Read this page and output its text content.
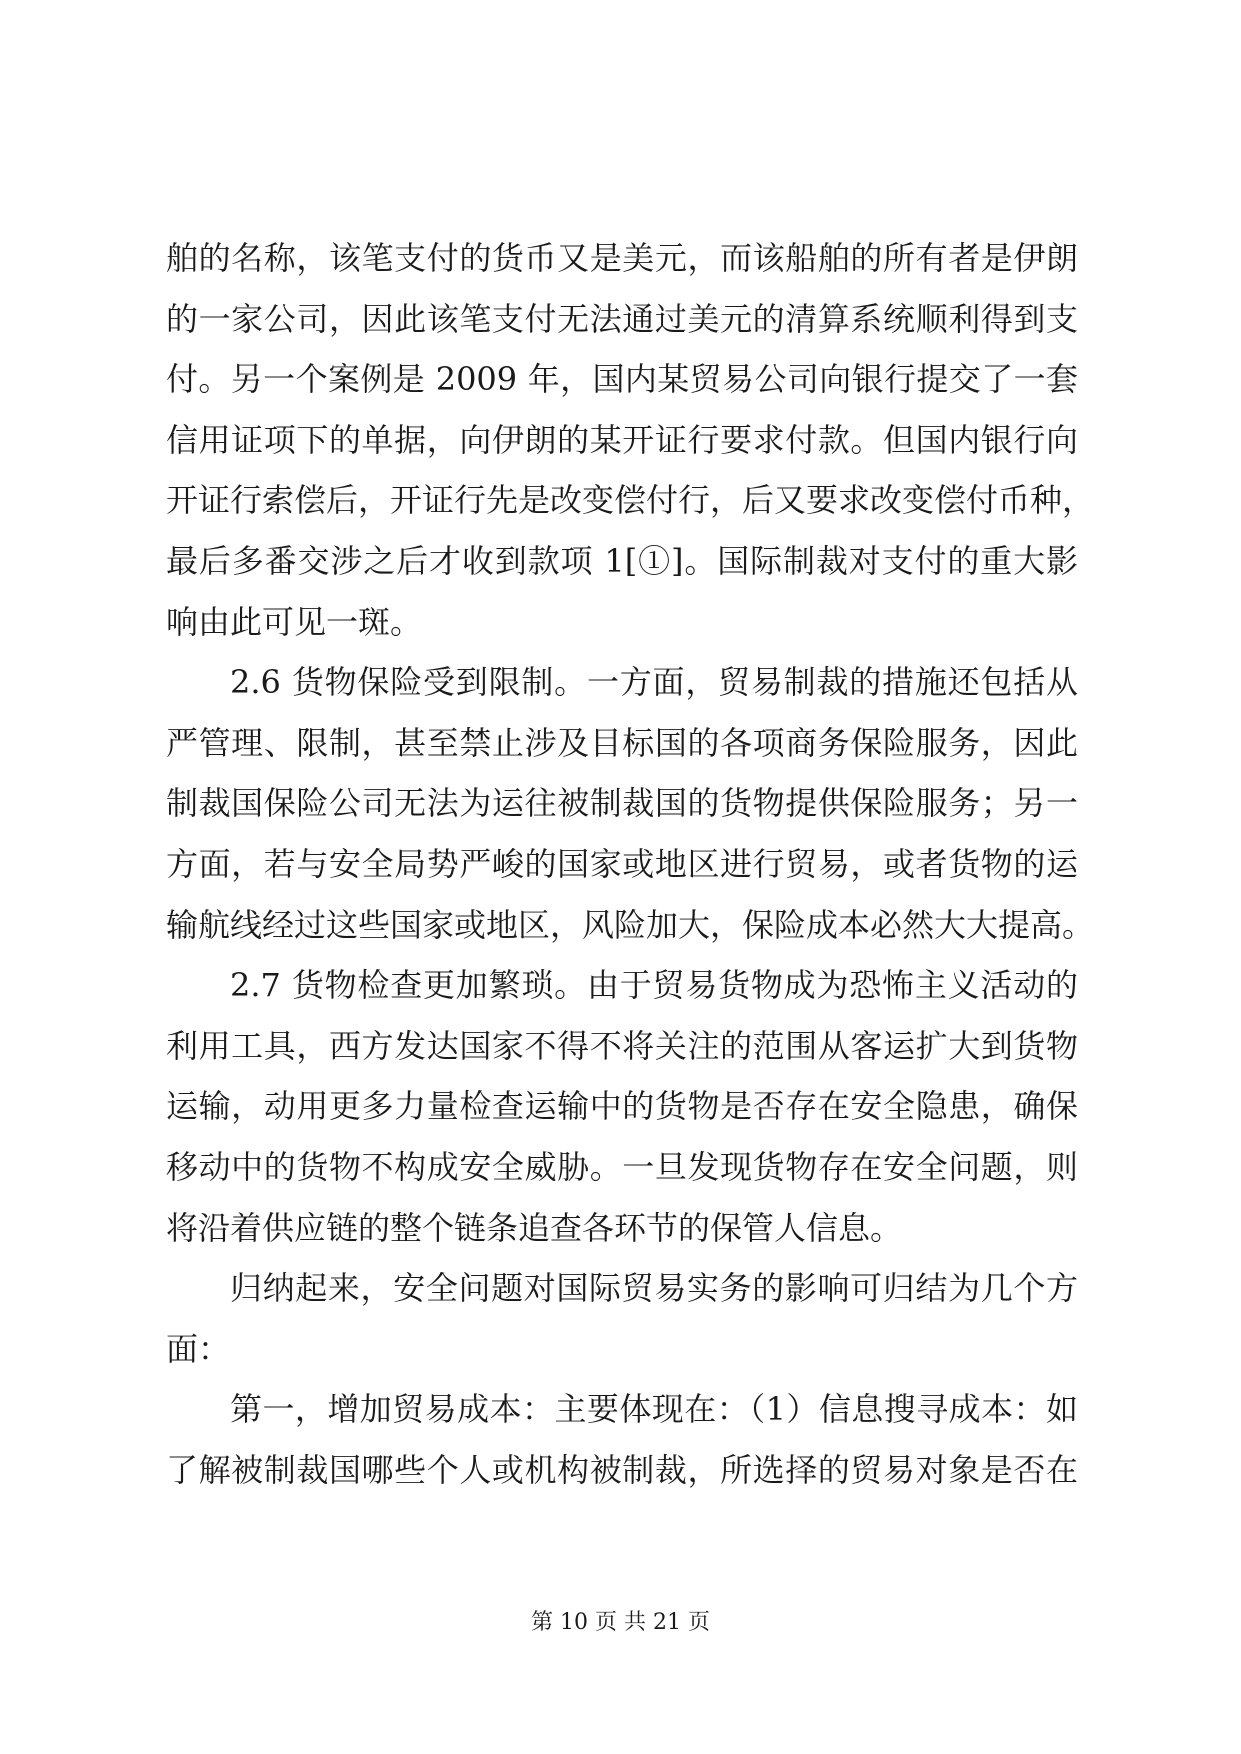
舶的名称，该笔支付的货币又是美元，而该船舶的所有者是伊朗
的一家公司，因此该笔支付无法通过美元的清算系统顺利得到支
付。另一个案例是 2009 年，国内某贸易公司向银行提交了一套
信用证项下的单据，向伊朗的某开证行要求付款。但国内银行向
开证行索偿后，开证行先是改变偿付行，后又要求改变偿付币种，
最后多番交涉之后才收到款项 1[①]。国际制裁对支付的重大影
响由此可见一斑。
2.6 货物保险受到限制。一方面，贸易制裁的措施还包括从
严管理、限制，甚至禁止涉及目标国的各项商务保险服务，因此
制裁国保险公司无法为运往被制裁国的货物提供保险服务；另一
方面，若与安全局势严峻的国家或地区进行贸易，或者货物的运
输航线经过这些国家或地区，风险加大，保险成本必然大大提高。
2.7 货物检查更加繁琐。由于贸易货物成为恐怖主义活动的
利用工具，西方发达国家不得不将关注的范围从客运扩大到货物
运输，动用更多力量检查运输中的货物是否存在安全隐患，确保
移动中的货物不构成安全威胁。一旦发现货物存在安全问题，则
将沿着供应链的整个链条追查各环节的保管人信息。
归纳起来，安全问题对国际贸易实务的影响可归结为几个方
面：
第一，增加贸易成本：主要体现在：（1）信息搜寻成本：如
了解被制裁国哪些个人或机构被制裁，所选择的贸易对象是否在
第 10 页 共 21 页
